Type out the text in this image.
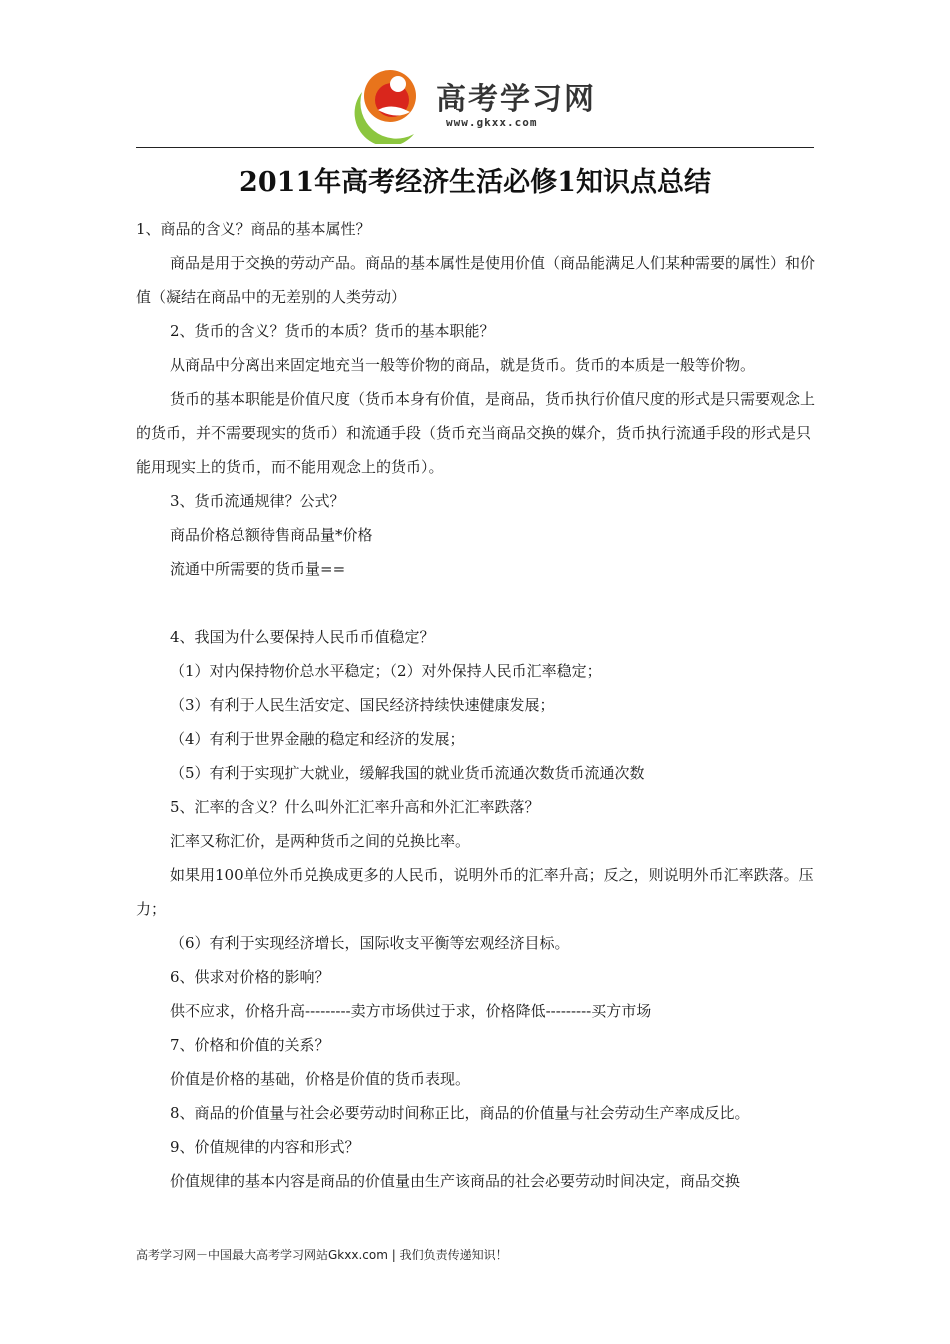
高考学习网
www.gkxx.com
2011年高考经济生活必修1知识点总结

1、商品的含义？商品的基本属性？

商品是用于交换的劳动产品。商品的基本属性是使用价值（商品能满足人们某种需要的属性）和价值（凝结在商品中的无差别的人类劳动）

2、货币的含义？货币的本质？货币的基本职能？

从商品中分离出来固定地充当一般等价物的商品，就是货币。货币的本质是一般等价物。

货币的基本职能是价值尺度（货币本身有价值，是商品，货币执行价值尺度的形式是只需要观念上的货币，并不需要现实的货币）和流通手段（货币充当商品交换的媒介，货币执行流通手段的形式是只能用现实上的货币，而不能用观念上的货币）。

3、货币流通规律？公式？

商品价格总额待售商品量*价格

流通中所需要的货币量==

4、我国为什么要保持人民币币值稳定？

（1）对内保持物价总水平稳定；（2）对外保持人民币汇率稳定；

（3）有利于人民生活安定、国民经济持续快速健康发展；

（4）有利于世界金融的稳定和经济的发展；

（5）有利于实现扩大就业，缓解我国的就业货币流通次数货币流通次数

5、汇率的含义？什么叫外汇汇率升高和外汇汇率跌落？

汇率又称汇价，是两种货币之间的兑换比率。

如果用100单位外币兑换成更多的人民币，说明外币的汇率升高；反之，则说明外币汇率跌落。压力；

（6）有利于实现经济增长，国际收支平衡等宏观经济目标。

6、供求对价格的影响？

供不应求，价格升高---------卖方市场供过于求，价格降低---------买方市场

7、价格和价值的关系？

价值是价格的基础，价格是价值的货币表现。

8、商品的价值量与社会必要劳动时间称正比，商品的价值量与社会劳动生产率成反比。

9、价值规律的内容和形式？

价值规律的基本内容是商品的价值量由生产该商品的社会必要劳动时间决定，商品交换

高考学习网－中国最大高考学习网站Gkxx.com | 我们负责传递知识！
